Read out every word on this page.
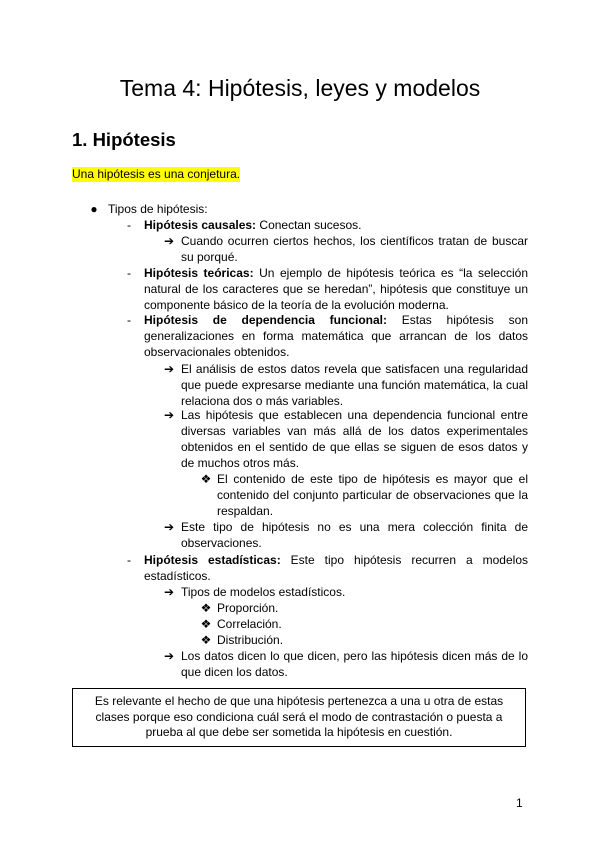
Tema 4: Hipótesis, leyes y modelos
1. Hipótesis
Una hipótesis es una conjetura.
● Tipos de hipótesis:
- Hipótesis causales: Conectan sucesos.
➔ Cuando ocurren ciertos hechos, los científicos tratan de buscar su porqué.
- Hipótesis teóricas: Un ejemplo de hipótesis teórica es “la selección natural de los caracteres que se heredan”, hipótesis que constituye un componente básico de la teoría de la evolución moderna.
- Hipótesis de dependencia funcional: Estas hipótesis son generalizaciones en forma matemática que arrancan de los datos observacionales obtenidos.
➔ El análisis de estos datos revela que satisfacen una regularidad que puede expresarse mediante una función matemática, la cual relaciona dos o más variables.
➔ Las hipótesis que establecen una dependencia funcional entre diversas variables van más allá de los datos experimentales obtenidos en el sentido de que ellas se siguen de esos datos y de muchos otros más.
❖ El contenido de este tipo de hipótesis es mayor que el contenido del conjunto particular de observaciones que la respaldan.
➔ Este tipo de hipótesis no es una mera colección finita de observaciones.
- Hipótesis estadísticas: Este tipo hipótesis recurren a modelos estadísticos.
➔ Tipos de modelos estadísticos.
❖ Proporción.
❖ Correlación.
❖ Distribución.
➔ Los datos dicen lo que dicen, pero las hipótesis dicen más de lo que dicen los datos.
Es relevante el hecho de que una hipótesis pertenezca a una u otra de estas clases porque eso condiciona cuál será el modo de contrastación o puesta a prueba al que debe ser sometida la hipótesis en cuestión.
1
